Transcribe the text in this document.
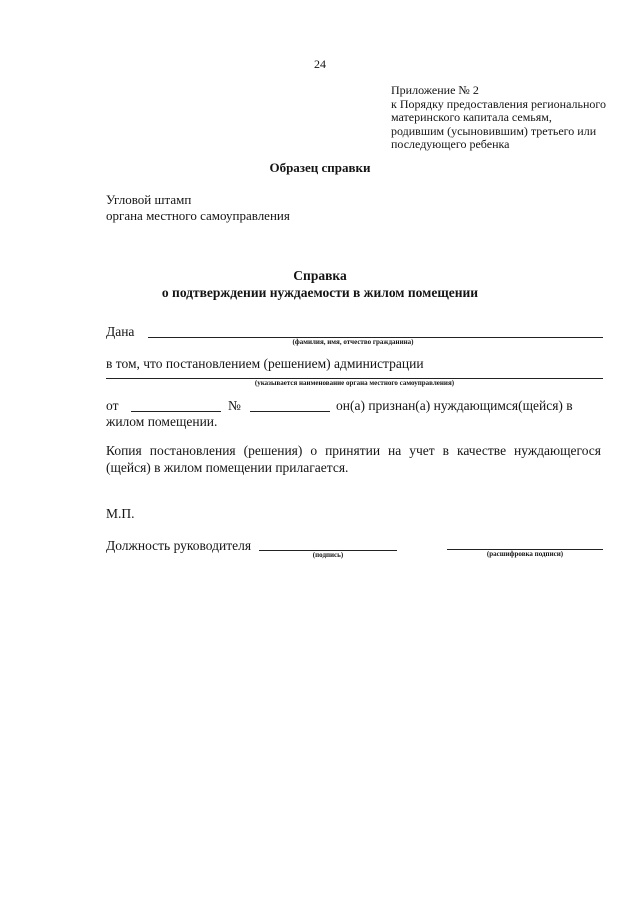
24
Приложение № 2
к Порядку предоставления регионального
материнского капитала семьям,
родившим (усыновившим) третьего или
последующего ребенка
Образец справки
Угловой штамп
органа местного самоуправления
Справка
о подтверждении нуждаемости в жилом помещении
Дана
(фамилия, имя, отчество гражданина)
в том, что постановлением (решением) администрации
(указывается наименование органа местного самоуправления)
от	№	он(а) признан(а) нуждающимся(щейся) в
жилом помещении.
Копия постановления (решения) о принятии на учет в качестве нуждающегося (щейся) в жилом помещении прилагается.
М.П.
Должность руководителя
(подпись)	(расшифровка подписи)
